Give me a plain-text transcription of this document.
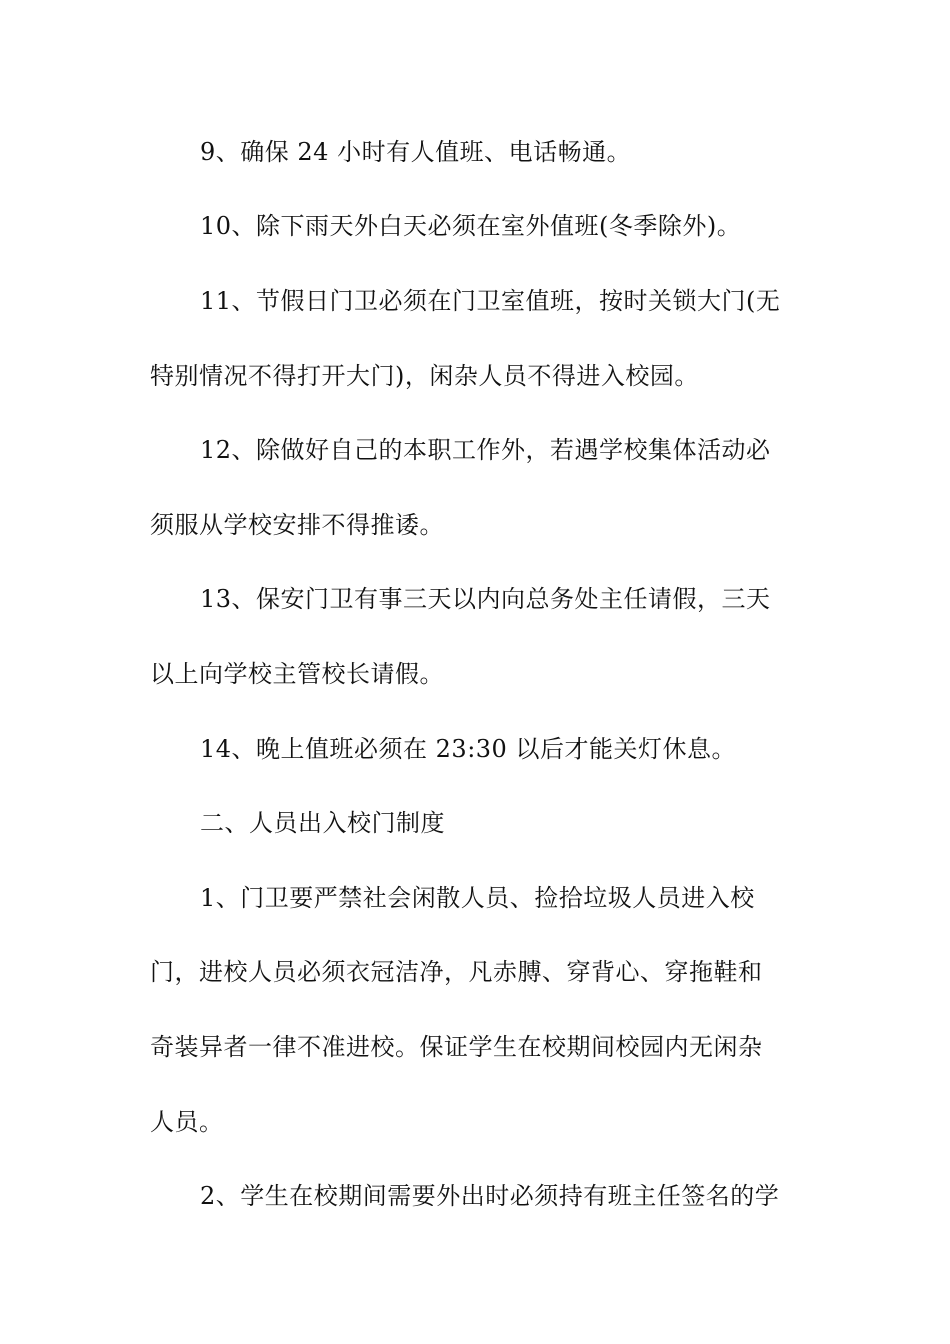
9、确保 24 小时有人值班、电话畅通。
10、除下雨天外白天必须在室外值班(冬季除外)。
11、节假日门卫必须在门卫室值班，按时关锁大门(无
特别情况不得打开大门)，闲杂人员不得进入校园。
12、除做好自己的本职工作外，若遇学校集体活动必
须服从学校安排不得推诿。
13、保安门卫有事三天以内向总务处主任请假，三天
以上向学校主管校长请假。
14、晚上值班必须在 23:30 以后才能关灯休息。
二、人员出入校门制度
1、门卫要严禁社会闲散人员、捡拾垃圾人员进入校
门，进校人员必须衣冠洁净，凡赤膊、穿背心、穿拖鞋和
奇装异者一律不准进校。保证学生在校期间校园内无闲杂
人员。
2、学生在校期间需要外出时必须持有班主任签名的学
